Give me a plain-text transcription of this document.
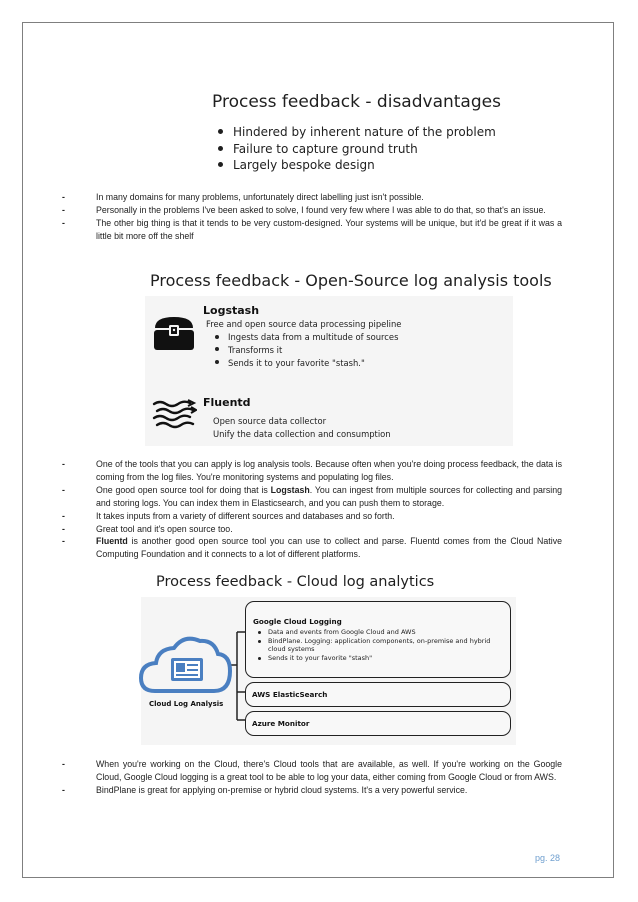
Process feedback - disadvantages
Hindered by inherent nature of the problem
Failure to capture ground truth
Largely bespoke design
-	In many domains for many problems, unfortunately direct labelling just isn't possible.
-	Personally in the problems I've been asked to solve, I found very few where I was able to do that, so that's an issue.
-	The other big thing is that it tends to be very custom-designed. Your systems will be unique, but it'd be great if it was a little bit more off the shelf
Process feedback - Open-Source log analysis tools
Logstash
Free and open source data processing pipeline
Ingests data from a multitude of sources
Transforms it
Sends it to your favorite "stash."
Fluentd
Open source data collector
Unify the data collection and consumption
-	One of the tools that you can apply is log analysis tools. Because often when you're doing process feedback, the data is coming from the log files. You're monitoring systems and populating log files.
-	One good open source tool for doing that is Logstash. You can ingest from multiple sources for collecting and parsing and storing logs. You can index them in Elasticsearch, and you can push them to storage.
-	It takes inputs from a variety of different sources and databases and so forth.
-	Great tool and it's open source too.
-	Fluentd is another good open source tool you can use to collect and parse. Fluentd comes from the Cloud Native Computing Foundation and it connects to a lot of different platforms.
Process feedback - Cloud log analytics
Cloud Log Analysis
Google Cloud Logging
Data and events from Google Cloud and AWS
BindPlane. Logging: application components, on-premise and hybrid cloud systems
Sends it to your favorite "stash"
AWS ElasticSearch
Azure Monitor
-	When you're working on the Cloud, there's Cloud tools that are available, as well. If you're working on the Google Cloud, Google Cloud logging is a great tool to be able to log your data, either coming from Google Cloud or from AWS.
-	BindPlane is great for applying on-premise or hybrid cloud systems. It's a very powerful service.
pg. 28
